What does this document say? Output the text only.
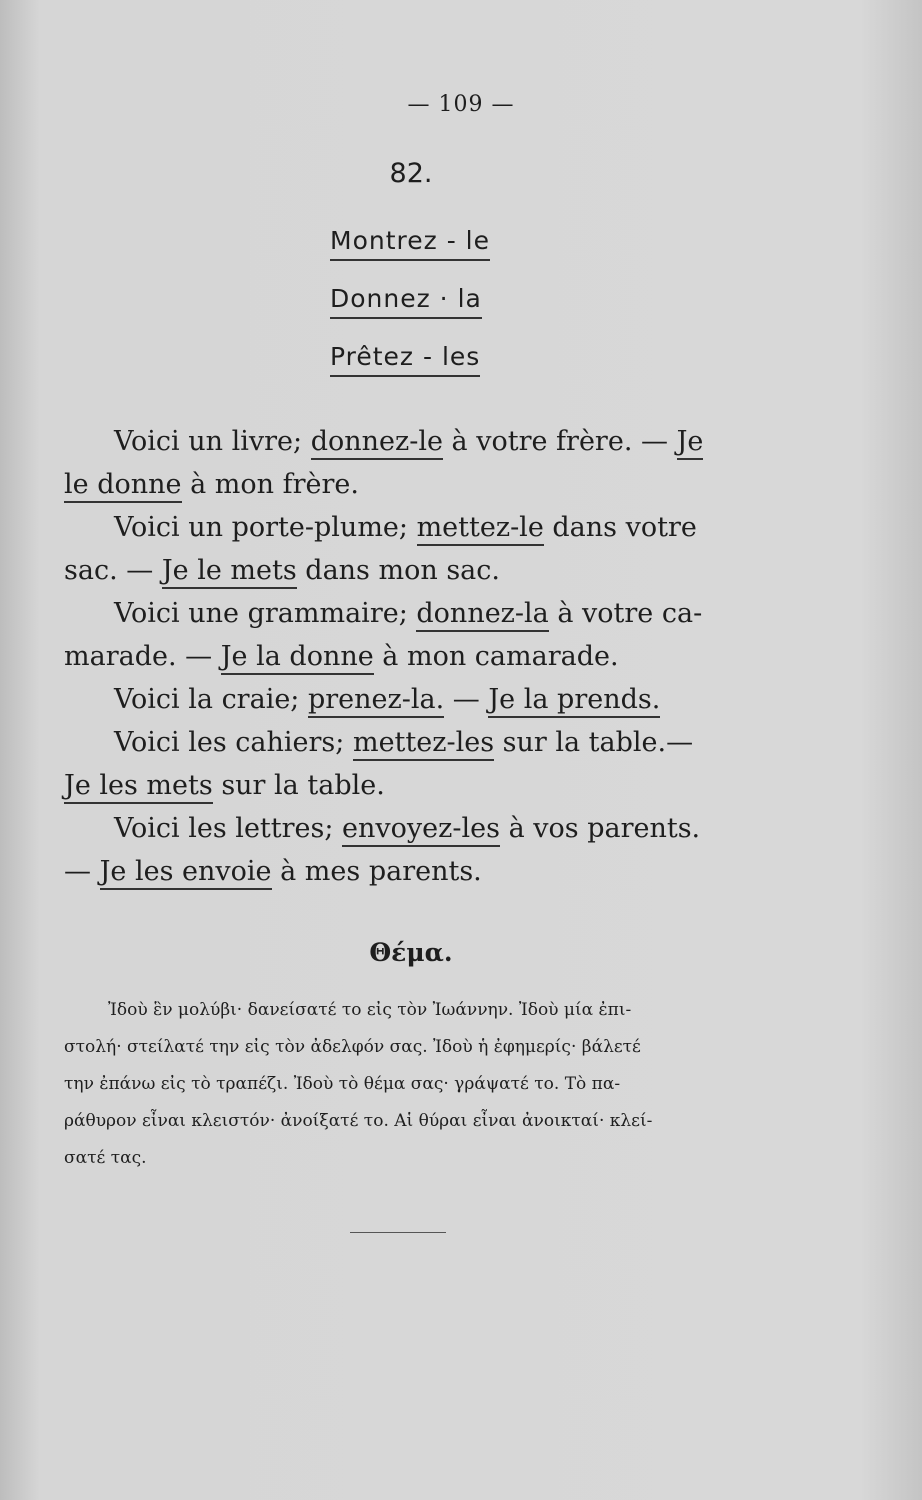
— 109 —
82.
Montrez - le
Donnez · la
Prêtez - les
Voici un livre; donnez-le à votre frère. — Je
le donne à mon frère.
Voici un porte-plume; mettez-le dans votre
sac. — Je le mets dans mon sac.
Voici une grammaire; donnez-la à votre ca-
marade. — Je la donne à mon camarade.
Voici la craie; prenez-la. — Je la prends.
Voici les cahiers; mettez-les sur la table.—
Je les mets sur la table.
Voici les lettres; envoyez-les à vos parents.
— Je les envoie à mes parents.
Θέμα.
Ἰδοὺ ἓν μολύβι· δανείσατέ το εἰς τὸν Ἰωάννην. Ἰδοὺ μία ἐπι-
στολή· στείλατέ την εἰς τὸν ἀδελφόν σας. Ἰδοὺ ἡ ἐφημερίς· βάλετέ
την ἐπάνω εἰς τὸ τραπέζι. Ἰδοὺ τὸ θέμα σας· γράψατέ το. Τὸ πα-
ράθυρον εἶναι κλειστόν· ἀνοίξατέ το. Αἱ θύραι εἶναι ἀνοικταί· κλεί-
σατέ τας.
